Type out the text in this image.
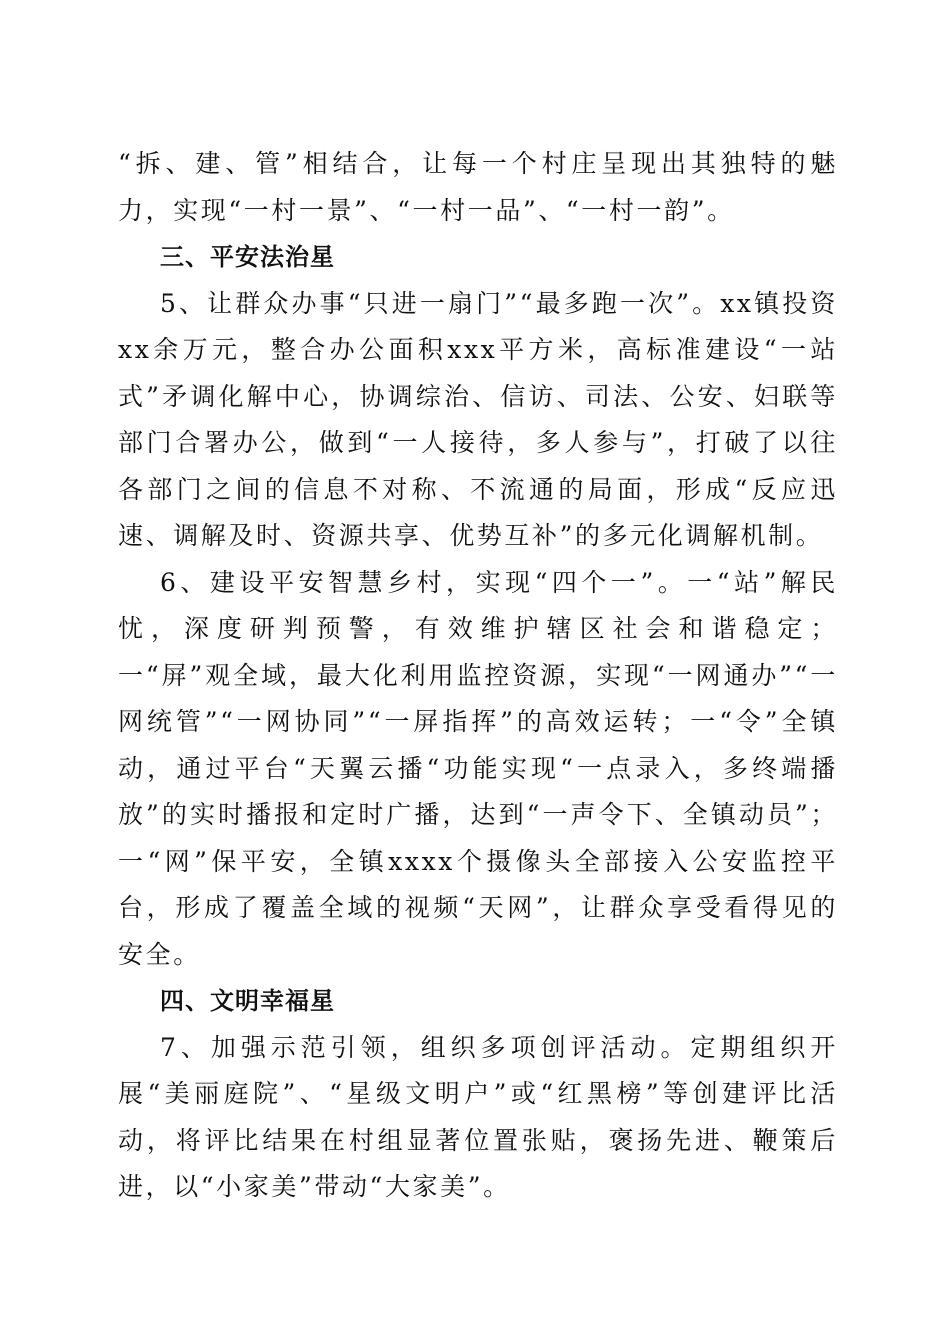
“拆、建、管”相结合，让每一个村庄呈现出其独特的魅力，实现“一村一景”、“一村一品”、“一村一韵”。

三、平安法治星

5、让群众办事“只进一扇门”“最多跑一次”。xx镇投资xx余万元，整合办公面积xxx平方米，高标准建设“一站式”矛调化解中心，协调综治、信访、司法、公安、妇联等部门合署办公，做到“一人接待，多人参与”，打破了以往各部门之间的信息不对称、不流通的局面，形成“反应迅速、调解及时、资源共享、优势互补”的多元化调解机制。

6、建设平安智慧乡村，实现“四个一”。一“站”解民忧，深度研判预警，有效维护辖区社会和谐稳定；一“屏”观全域，最大化利用监控资源，实现“一网通办”“一网统管”“一网协同”“一屏指挥”的高效运转；一“令”全镇动，通过平台“天翼云播“功能实现“一点录入，多终端播放”的实时播报和定时广播，达到“一声令下、全镇动员”；一“网”保平安，全镇xxxx个摄像头全部接入公安监控平台，形成了覆盖全域的视频“天网”，让群众享受看得见的安全。

四、文明幸福星

7、加强示范引领，组织多项创评活动。定期组织开展“美丽庭院”、“星级文明户”或“红黑榜”等创建评比活动，将评比结果在村组显著位置张贴，褒扬先进、鞭策后进，以“小家美”带动“大家美”。
